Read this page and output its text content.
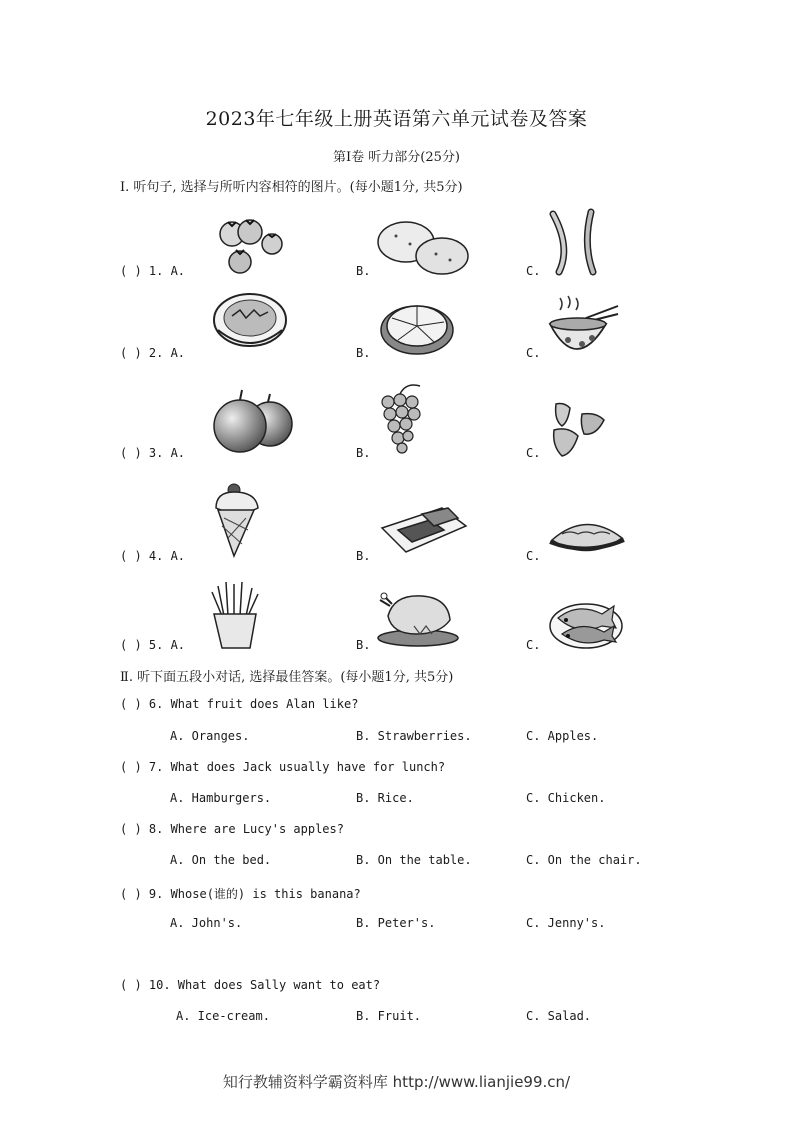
2023年七年级上册英语第六单元试卷及答案
第Ⅰ卷 听力部分(25分)
Ⅰ. 听句子, 选择与所听内容相符的图片。(每小题1分, 共5分)
( ) 1. A.	B.	C.
( ) 2. A.	B.	C.
( ) 3. A.	B.	C.
( ) 4. A.	B.	C.
( ) 5. A.	B.	C.
Ⅱ. 听下面五段小对话, 选择最佳答案。(每小题1分, 共5分)
( ) 6. What fruit does Alan like?
A. Oranges.	B. Strawberries.	C. Apples.
( ) 7. What does Jack usually have for lunch?
A. Hamburgers.	B. Rice.	C. Chicken.
( ) 8. Where are Lucy's apples?
A. On the bed.	B. On the table.	C. On the chair.
( ) 9. Whose(谁的) is this banana?
A. John's.	B. Peter's.	C. Jenny's.
( ) 10. What does Sally want to eat?
A. Ice-cream.	B. Fruit.	C. Salad.
知行教辅资料学霸资料库 http://www.lianjie99.cn/
